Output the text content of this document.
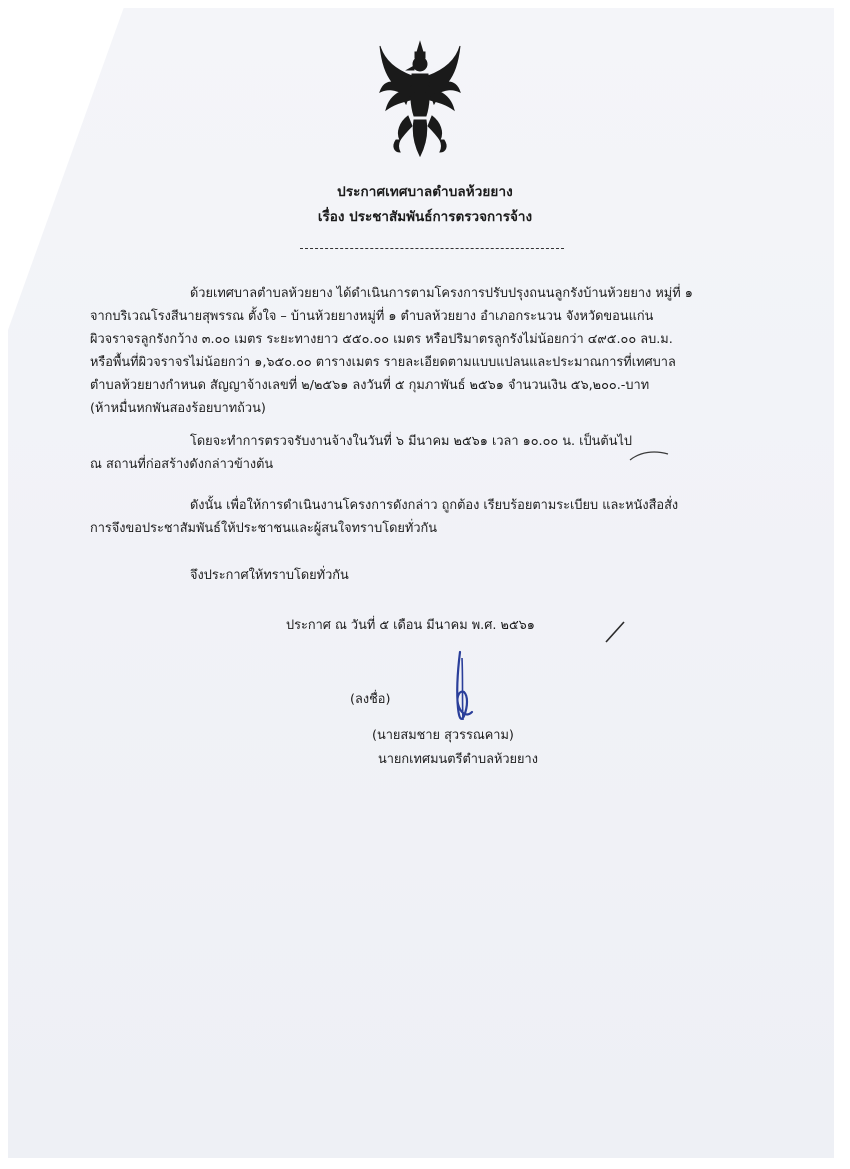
ประกาศเทศบาลตำบลห้วยยาง
เรื่อง ประชาสัมพันธ์การตรวจการจ้าง
ด้วยเทศบาลตำบลห้วยยาง ได้ดำเนินการตามโครงการปรับปรุงถนนลูกรังบ้านห้วยยาง หมู่ที่ ๑
จากบริเวณโรงสีนายสุพรรณ ตั้งใจ – บ้านห้วยยางหมู่ที่ ๑ ตำบลห้วยยาง อำเภอกระนวน จังหวัดขอนแก่น
ผิวจราจรลูกรังกว้าง ๓.๐๐ เมตร ระยะทางยาว ๕๕๐.๐๐ เมตร หรือปริมาตรลูกรังไม่น้อยกว่า ๔๙๕.๐๐ ลบ.ม.
หรือพื้นที่ผิวจราจรไม่น้อยกว่า ๑,๖๕๐.๐๐ ตารางเมตร รายละเอียดตามแบบแปลนและประมาณการที่เทศบาล
ตำบลห้วยยางกำหนด สัญญาจ้างเลขที่ ๒/๒๕๖๑ ลงวันที่ ๕ กุมภาพันธ์ ๒๕๖๑ จำนวนเงิน ๕๖,๒๐๐.-บาท
(ห้าหมื่นหกพันสองร้อยบาทถ้วน)
โดยจะทำการตรวจรับงานจ้างในวันที่ ๖ มีนาคม ๒๕๖๑ เวลา ๑๐.๐๐ น. เป็นต้นไป
ณ สถานที่ก่อสร้างดังกล่าวข้างต้น
ดังนั้น เพื่อให้การดำเนินงานโครงการดังกล่าว ถูกต้อง เรียบร้อยตามระเบียบ และหนังสือสั่ง
การจึงขอประชาสัมพันธ์ให้ประชาชนและผู้สนใจทราบโดยทั่วกัน
จึงประกาศให้ทราบโดยทั่วกัน
ประกาศ ณ วันที่ ๕ เดือน มีนาคม พ.ศ. ๒๕๖๑
(ลงชื่อ)
(นายสมชาย สุวรรณคาม)
นายกเทศมนตรีตำบลห้วยยาง
